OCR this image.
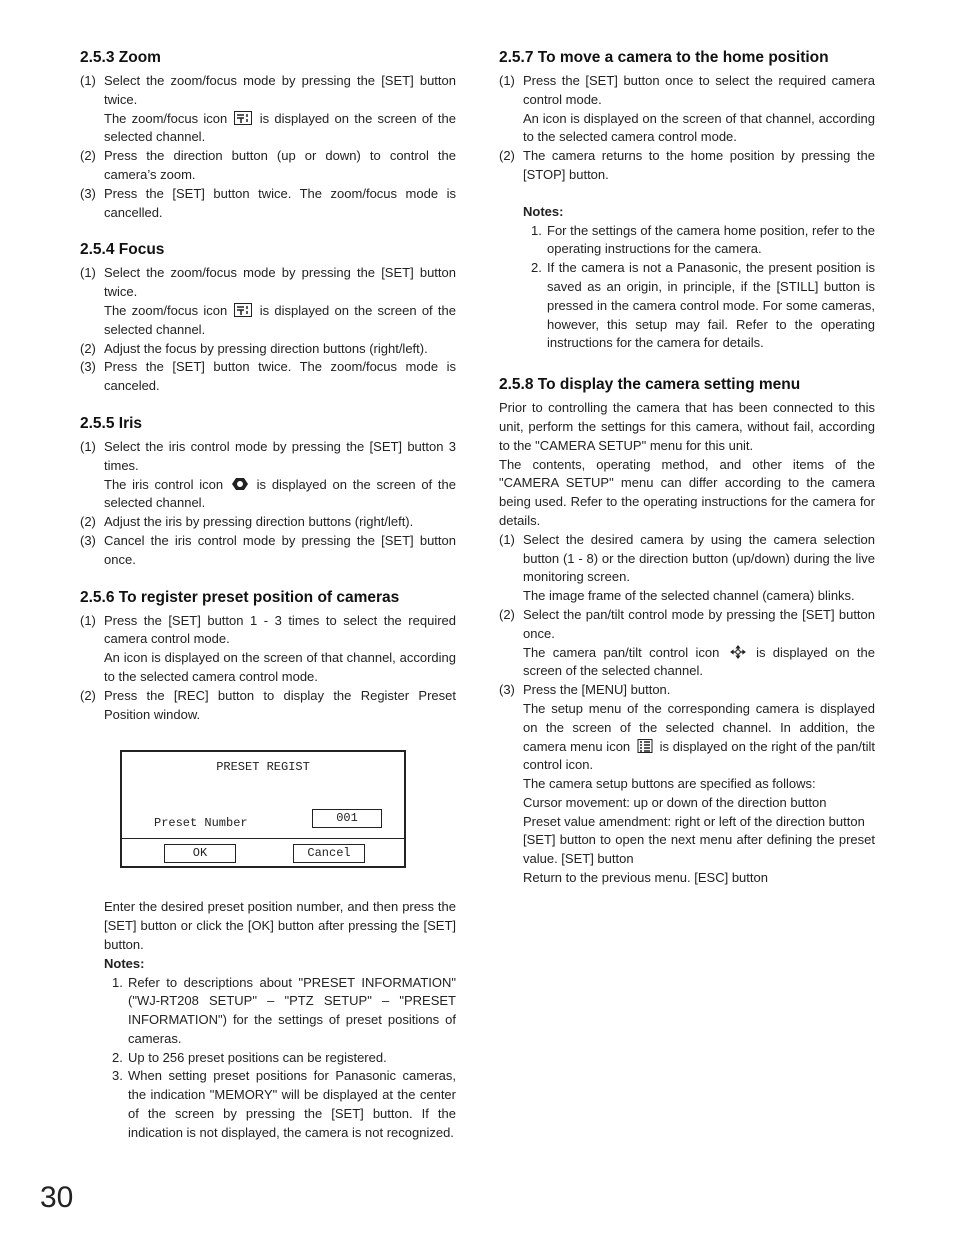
2.5.3 Zoom
(1) Select the zoom/focus mode by pressing the [SET] button twice.
The zoom/focus icon	is displayed on the screen of the selected channel.
(2) Press the direction button (up or down) to control the camera’s zoom.
(3) Press the [SET] button twice. The zoom/focus mode is cancelled.
2.5.4 Focus
(1) Select the zoom/focus mode by pressing the [SET] button twice.
The zoom/focus icon	is displayed on the screen of the selected channel.
(2) Adjust the focus by pressing direction buttons (right/left).
(3) Press the [SET] button twice. The zoom/focus mode is canceled.
2.5.5 Iris
(1) Select the iris control mode by pressing the [SET] button 3 times.
The iris control icon	is displayed on the screen of the selected channel.
(2) Adjust the iris by pressing direction buttons (right/left).
(3) Cancel the iris control mode by pressing the [SET] button once.
2.5.6 To register preset position of cameras
(1) Press the [SET] button 1 - 3 times to select the required camera control mode.
An icon is displayed on the screen of that channel, according to the selected camera control mode.
(2) Press the [REC] button to display the Register Preset Position window.
PRESET REGIST
Preset Number	001
OK	Cancel
Enter the desired preset position number, and then press the [SET] button or click the [OK] button after pressing the [SET] button.
Notes:
1. Refer to descriptions about "PRESET INFORMATION" ("WJ-RT208 SETUP" – "PTZ SETUP" – "PRESET INFORMATION") for the settings of preset positions of cameras.
2. Up to 256 preset positions can be registered.
3. When setting preset positions for Panasonic cameras, the indication "MEMORY" will be displayed at the center of the screen by pressing the [SET] button. If the indication is not displayed, the camera is not recognized.
2.5.7 To move a camera to the home position
(1) Press the [SET] button once to select the required camera control mode.
An icon is displayed on the screen of that channel, according to the selected camera control mode.
(2) The camera returns to the home position by pressing the [STOP] button.
Notes:
1. For the settings of the camera home position, refer to the operating instructions for the camera.
2. If the camera is not a Panasonic, the present position is saved as an origin, in principle, if the [STILL] button is pressed in the camera control mode. For some cameras, however, this setup may fail. Refer to the operating instructions for the camera for details.
2.5.8 To display the camera setting menu
Prior to controlling the camera that has been connected to this unit, perform the settings for this camera, without fail, according to the "CAMERA SETUP" menu for this unit.
The contents, operating method, and other items of the "CAMERA SETUP" menu can differ according to the camera being used. Refer to the operating instructions for the camera for details.
(1) Select the desired camera by using the camera selection button (1 - 8) or the direction button (up/down) during the live monitoring screen.
The image frame of the selected channel (camera) blinks.
(2) Select the pan/tilt control mode by pressing the [SET] button once.
The camera pan/tilt control icon	is displayed on the screen of the selected channel.
(3) Press the [MENU] button.
The setup menu of the corresponding camera is displayed on the screen of the selected channel. In addition, the camera menu icon is displayed on the right of the pan/tilt control icon.
The camera setup buttons are specified as follows:
Cursor movement: up or down of the direction button
Preset value amendment: right or left of the direction button
[SET] button to open the next menu after defining the preset value. [SET] button
Return to the previous menu. [ESC] button
30
